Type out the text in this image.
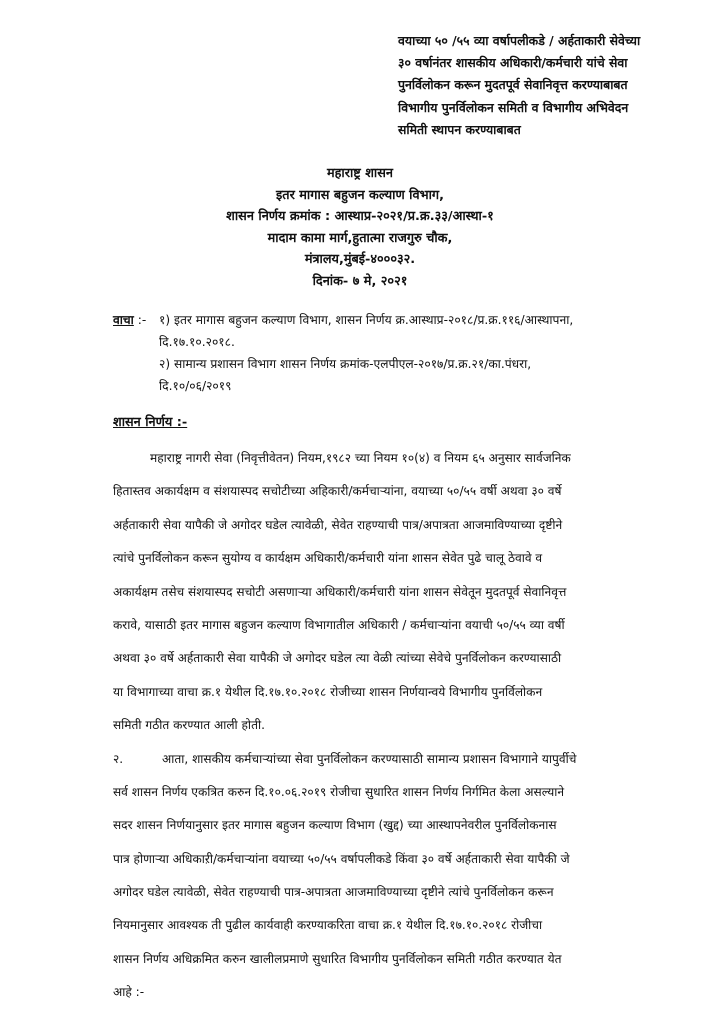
वयाच्या ५० /५५ व्या वर्षापलीकडे / अर्हताकारी सेवेच्या
३० वर्षानंतर शासकीय अधिकारी/कर्मचारी यांचे सेवा
पुनर्विलोकन करून मुदतपूर्व सेवानिवृत्त करण्याबाबत
विभागीय पुनर्विलोकन समिती व विभागीय अभिवेदन
समिती स्थापन करण्याबाबत
महाराष्ट्र शासन
इतर मागास बहुजन कल्याण विभाग,
शासन निर्णय क्रमांक : आस्थाप्र-२०२१/प्र.क्र.३३/आस्था-१
मादाम कामा मार्ग,हुतात्मा राजगुरु चौक,
मंत्रालय,मुंबई-४०००३२.
दिनांक- ७ मे, २०२१
वाचा :-	१) इतर मागास बहुजन कल्याण विभाग, शासन निर्णय क्र.आस्थाप्र-२०१८/प्र.क्र.११६/आस्थापना,
दि.१७.१०.२०१८.
२) सामान्य प्रशासन विभाग शासन निर्णय क्रमांक-एलपीएल-२०१७/प्र.क्र.२१/का.पंधरा,
दि.१०/०६/२०१९
शासन निर्णय :-
महाराष्ट्र नागरी सेवा (निवृत्तीवेतन) नियम,१९८२ च्या नियम १०(४) व नियम ६५ अनुसार सार्वजनिक
हितास्तव अकार्यक्षम व संशयास्पद सचोटीच्या अहिकारी/कर्मचाऱ्यांना, वयाच्या ५०/५५ वर्षी अथवा ३० वर्षे
अर्हताकारी सेवा यापैकी जे अगोदर घडेल त्यावेळी, सेवेत राहण्याची पात्र/अपात्रता आजमाविण्याच्या दृष्टीने
त्यांचे पुनर्विलोकन करून सुयोग्य व कार्यक्षम अधिकारी/कर्मचारी यांना शासन सेवेत पुढे चालू ठेवावे व
अकार्यक्षम तसेच संशयास्पद सचोटी असणाऱ्या अधिकारी/कर्मचारी यांना शासन सेवेतून मुदतपूर्व सेवानिवृत्त
करावे, यासाठी इतर मागास बहुजन कल्याण विभागातील अधिकारी / कर्मचाऱ्यांना वयाची ५०/५५ व्या वर्षी
अथवा ३० वर्षे अर्हताकारी सेवा यापैकी जे अगोदर घडेल त्या वेळी त्यांच्या सेवेचे पुनर्विलोकन करण्यासाठी
या विभागाच्या वाचा क्र.१ येथील दि.१७.१०.२०१८ रोजीच्या शासन निर्णयान्वये विभागीय पुनर्विलोकन
समिती गठीत करण्यात आली होती.
२.	आता, शासकीय कर्मचाऱ्यांच्या सेवा पुनर्विलोकन करण्यासाठी सामान्य प्रशासन विभागाने यापुर्वीचे
सर्व शासन निर्णय एकत्रित करुन दि.१०.०६.२०१९ रोजीचा सुधारित शासन निर्णय निर्गमित केला असल्याने
सदर शासन निर्णयानुसार इतर मागास बहुजन कल्याण विभाग (खुद्द) च्या आस्थापनेवरील पुनर्विलोकनास
पात्र होणाऱ्या अधिकाऱी/कर्मचाऱ्यांना वयाच्या ५०/५५ वर्षापलीकडे किंवा ३० वर्षे अर्हताकारी सेवा यापैकी जे
अगोदर घडेल त्यावेळी, सेवेत राहण्याची पात्र-अपात्रता आजमाविण्याच्या दृष्टीने त्यांचे पुनर्विलोकन करून
नियमानुसार आवश्यक ती पुढील कार्यवाही करण्याकरिता वाचा क्र.१ येथील दि.१७.१०.२०१८ रोजीचा
शासन निर्णय अधिक्रमित करुन खालीलप्रमाणे सुधारित विभागीय पुनर्विलोकन समिती गठीत करण्यात येत
आहे :-
